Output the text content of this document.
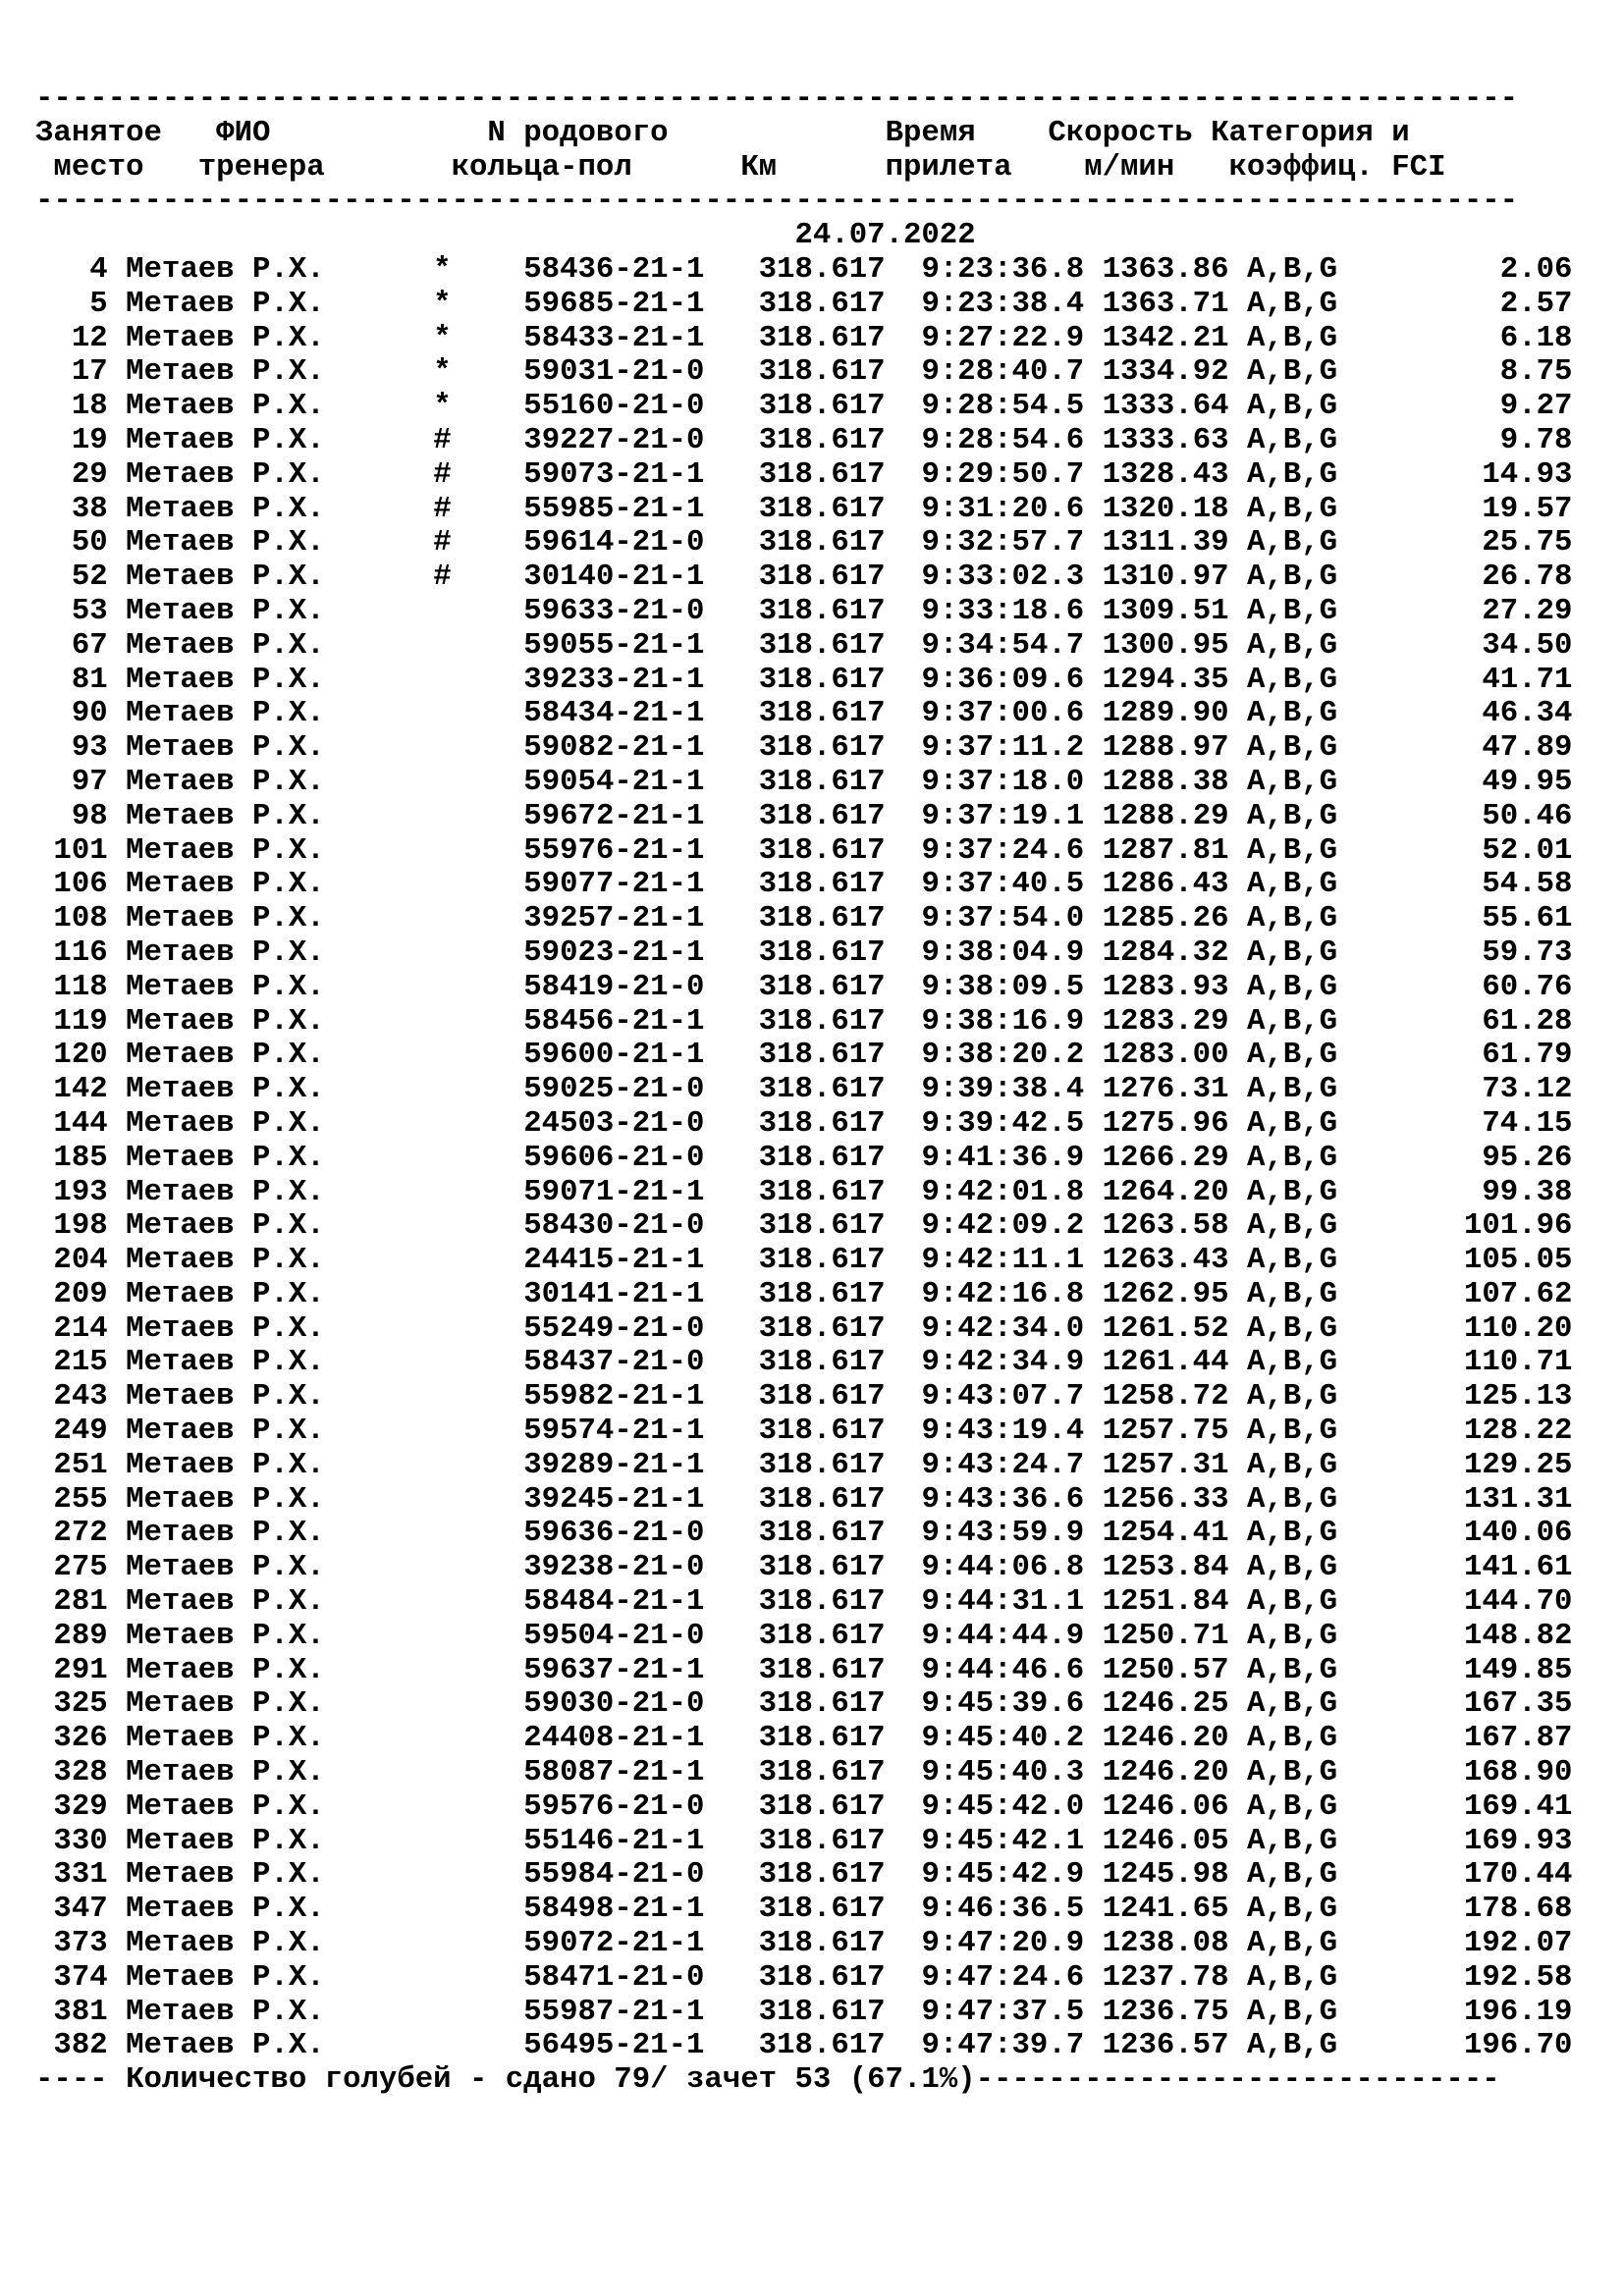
----------------------------------------------------------------------------------
Занятое ФИО	N родового	Время Скорость Категория и
место тренера	кольца-пол	Км	прилета м/мин коэффиц. FCI
----------------------------------------------------------------------------------
24.07.2022
4 Метаев Р.Х.	* 58436-21-1 318.617 9:23:36.8 1363.86 A,B,G	2.06
5 Метаев Р.Х.	* 59685-21-1 318.617 9:23:38.4 1363.71 A,B,G	2.57
12 Метаев Р.Х.	* 58433-21-1 318.617 9:27:22.9 1342.21 A,B,G	6.18
17 Метаев Р.Х.	* 59031-21-0 318.617 9:28:40.7 1334.92 A,B,G	8.75
18 Метаев Р.Х.	* 55160-21-0 318.617 9:28:54.5 1333.64 A,B,G	9.27
19 Метаев Р.Х.	# 39227-21-0 318.617 9:28:54.6 1333.63 A,B,G	9.78
29 Метаев Р.Х.	# 59073-21-1 318.617 9:29:50.7 1328.43 A,B,G	14.93
38 Метаев Р.Х.	# 55985-21-1 318.617 9:31:20.6 1320.18 A,B,G	19.57
50 Метаев Р.Х.	# 59614-21-0 318.617 9:32:57.7 1311.39 A,B,G	25.75
52 Метаев Р.Х.	# 30140-21-1 318.617 9:33:02.3 1310.97 A,B,G	26.78
53 Метаев Р.Х.	59633-21-0 318.617 9:33:18.6 1309.51 A,B,G	27.29
67 Метаев Р.Х.	59055-21-1 318.617 9:34:54.7 1300.95 A,B,G	34.50
81 Метаев Р.Х.	39233-21-1 318.617 9:36:09.6 1294.35 A,B,G	41.71
90 Метаев Р.Х.	58434-21-1 318.617 9:37:00.6 1289.90 A,B,G	46.34
93 Метаев Р.Х.	59082-21-1 318.617 9:37:11.2 1288.97 A,B,G	47.89
97 Метаев Р.Х.	59054-21-1 318.617 9:37:18.0 1288.38 A,B,G	49.95
98 Метаев Р.Х.	59672-21-1 318.617 9:37:19.1 1288.29 A,B,G	50.46
101 Метаев Р.Х.	55976-21-1 318.617 9:37:24.6 1287.81 A,B,G	52.01
106 Метаев Р.Х.	59077-21-1 318.617 9:37:40.5 1286.43 A,B,G	54.58
108 Метаев Р.Х.	39257-21-1 318.617 9:37:54.0 1285.26 A,B,G	55.61
116 Метаев Р.Х.	59023-21-1 318.617 9:38:04.9 1284.32 A,B,G	59.73
118 Метаев Р.Х.	58419-21-0 318.617 9:38:09.5 1283.93 A,B,G	60.76
119 Метаев Р.Х.	58456-21-1 318.617 9:38:16.9 1283.29 A,B,G	61.28
120 Метаев Р.Х.	59600-21-1 318.617 9:38:20.2 1283.00 A,B,G	61.79
142 Метаев Р.Х.	59025-21-0 318.617 9:39:38.4 1276.31 A,B,G	73.12
144 Метаев Р.Х.	24503-21-0 318.617 9:39:42.5 1275.96 A,B,G	74.15
185 Метаев Р.Х.	59606-21-0 318.617 9:41:36.9 1266.29 A,B,G	95.26
193 Метаев Р.Х.	59071-21-1 318.617 9:42:01.8 1264.20 A,B,G	99.38
198 Метаев Р.Х.	58430-21-0 318.617 9:42:09.2 1263.58 A,B,G	101.96
204 Метаев Р.Х.	24415-21-1 318.617 9:42:11.1 1263.43 A,B,G	105.05
209 Метаев Р.Х.	30141-21-1 318.617 9:42:16.8 1262.95 A,B,G	107.62
214 Метаев Р.Х.	55249-21-0 318.617 9:42:34.0 1261.52 A,B,G	110.20
215 Метаев Р.Х.	58437-21-0 318.617 9:42:34.9 1261.44 A,B,G	110.71
243 Метаев Р.Х.	55982-21-1 318.617 9:43:07.7 1258.72 A,B,G	125.13
249 Метаев Р.Х.	59574-21-1 318.617 9:43:19.4 1257.75 A,B,G	128.22
251 Метаев Р.Х.	39289-21-1 318.617 9:43:24.7 1257.31 A,B,G	129.25
255 Метаев Р.Х.	39245-21-1 318.617 9:43:36.6 1256.33 A,B,G	131.31
272 Метаев Р.Х.	59636-21-0 318.617 9:43:59.9 1254.41 A,B,G	140.06
275 Метаев Р.Х.	39238-21-0 318.617 9:44:06.8 1253.84 A,B,G	141.61
281 Метаев Р.Х.	58484-21-1 318.617 9:44:31.1 1251.84 A,B,G	144.70
289 Метаев Р.Х.	59504-21-0 318.617 9:44:44.9 1250.71 A,B,G	148.82
291 Метаев Р.Х.	59637-21-1 318.617 9:44:46.6 1250.57 A,B,G	149.85
325 Метаев Р.Х.	59030-21-0 318.617 9:45:39.6 1246.25 A,B,G	167.35
326 Метаев Р.Х.	24408-21-1 318.617 9:45:40.2 1246.20 A,B,G	167.87
328 Метаев Р.Х.	58087-21-1 318.617 9:45:40.3 1246.20 A,B,G	168.90
329 Метаев Р.Х.	59576-21-0 318.617 9:45:42.0 1246.06 A,B,G	169.41
330 Метаев Р.Х.	55146-21-1 318.617 9:45:42.1 1246.05 A,B,G	169.93
331 Метаев Р.Х.	55984-21-0 318.617 9:45:42.9 1245.98 A,B,G	170.44
347 Метаев Р.Х.	58498-21-1 318.617 9:46:36.5 1241.65 A,B,G	178.68
373 Метаев Р.Х.	59072-21-1 318.617 9:47:20.9 1238.08 A,B,G	192.07
374 Метаев Р.Х.	58471-21-0 318.617 9:47:24.6 1237.78 A,B,G	192.58
381 Метаев Р.Х.	55987-21-1 318.617 9:47:37.5 1236.75 A,B,G	196.19
382 Метаев Р.Х.	56495-21-1 318.617 9:47:39.7 1236.57 A,B,G	196.70
---- Количество голубей - сдано 79/ зачет 53 (67.1%)-----------------------------
